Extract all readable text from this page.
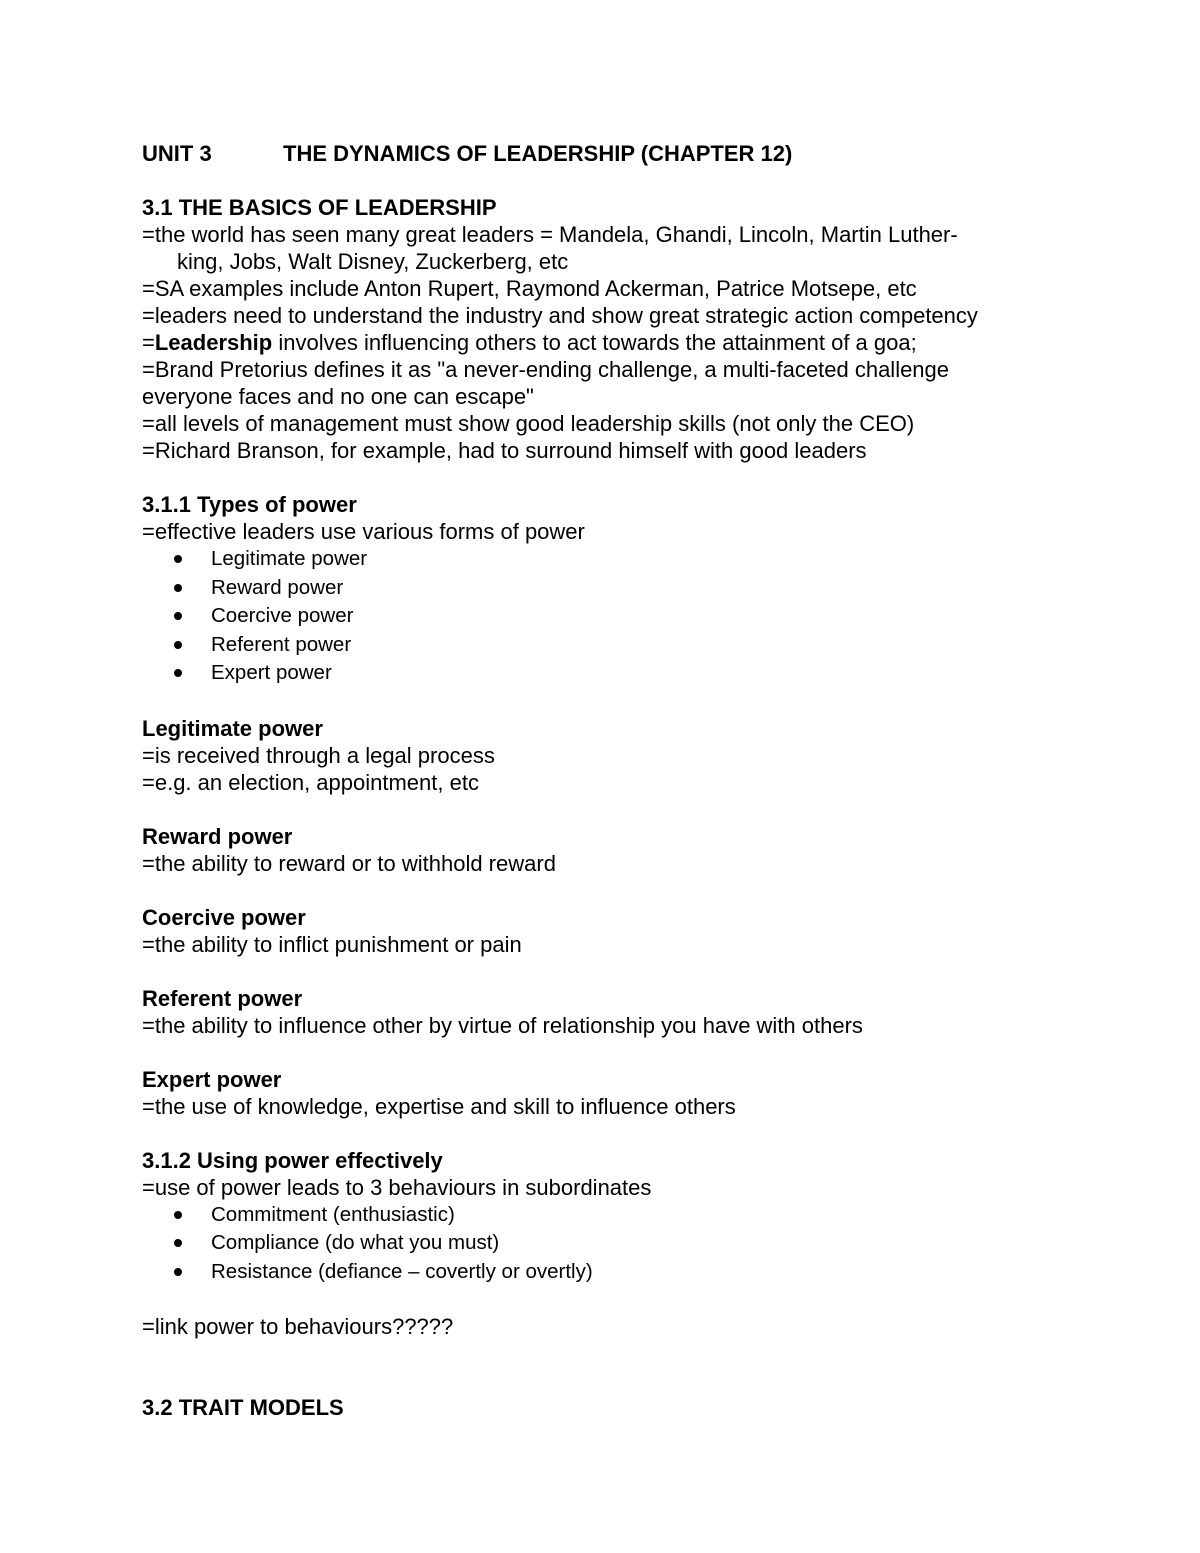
UNIT 3	THE DYNAMICS OF LEADERSHIP (CHAPTER 12)
3.1 THE BASICS OF LEADERSHIP
=the world has seen many great leaders = Mandela, Ghandi, Lincoln, Martin Luther-
king, Jobs, Walt Disney, Zuckerberg, etc
=SA examples include Anton Rupert, Raymond Ackerman, Patrice Motsepe, etc
=leaders need to understand the industry and show great strategic action competency
=Leadership involves influencing others to act towards the attainment of a goa;
=Brand Pretorius defines it as "a never-ending challenge, a multi-faceted challenge
everyone faces and no one can escape"
=all levels of management must show good leadership skills (not only the CEO)
=Richard Branson, for example, had to surround himself with good leaders
3.1.1 Types of power
=effective leaders use various forms of power
Legitimate power
Reward power
Coercive power
Referent power
Expert power
Legitimate power
=is received through a legal process
=e.g. an election, appointment, etc
Reward power
=the ability to reward or to withhold reward
Coercive power
=the ability to inflict punishment or pain
Referent power
=the ability to influence other by virtue of relationship you have with others
Expert power
=the use of knowledge, expertise and skill to influence others
3.1.2 Using power effectively
=use of power leads to 3 behaviours in subordinates
Commitment (enthusiastic)
Compliance (do what you must)
Resistance (defiance – covertly or overtly)
=link power to behaviours?????
3.2 TRAIT MODELS
